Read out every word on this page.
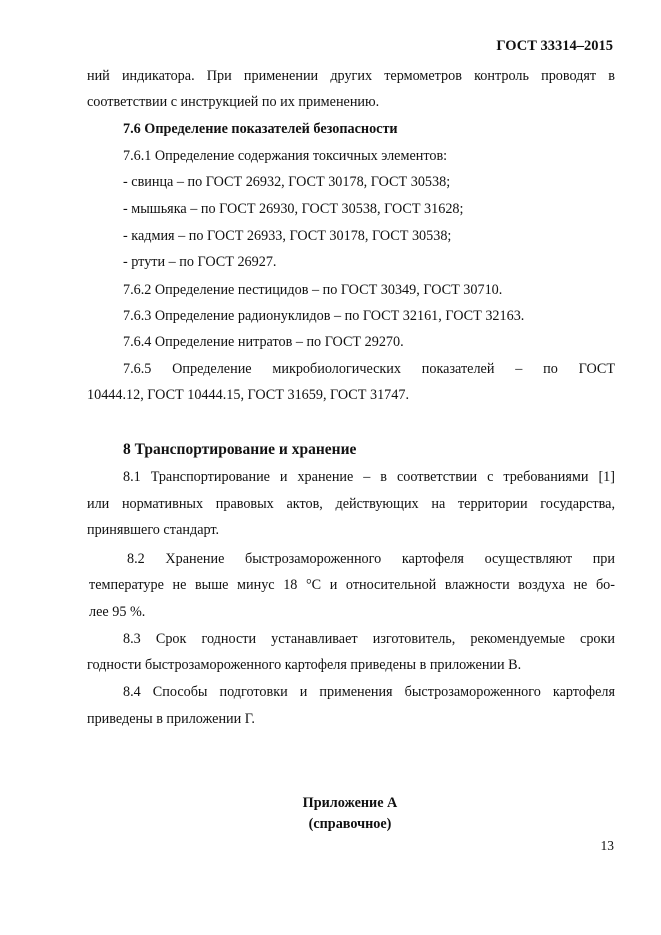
ГОСТ 33314–2015
ний индикатора. При применении других термометров контроль проводят в
соответствии с инструкцией по их применению.
7.6 Определение показателей безопасности
7.6.1 Определение содержания токсичных элементов:
- свинца – по ГОСТ 26932, ГОСТ 30178, ГОСТ 30538;
- мышьяка – по ГОСТ 26930, ГОСТ 30538, ГОСТ 31628;
- кадмия – по ГОСТ 26933, ГОСТ 30178, ГОСТ 30538;
- ртути – по ГОСТ 26927.
7.6.2 Определение пестицидов – по ГОСТ 30349, ГОСТ 30710.
7.6.3 Определение радионуклидов – по ГОСТ 32161, ГОСТ 32163.
7.6.4 Определение нитратов – по ГОСТ 29270.
7.6.5 Определение микробиологических показателей – по ГОСТ
10444.12, ГОСТ 10444.15, ГОСТ 31659, ГОСТ 31747.
8 Транспортирование и хранение
8.1 Транспортирование и хранение – в соответствии с требованиями [1]
или нормативных правовых актов, действующих на территории государства,
принявшего стандарт.
8.2 Хранение быстрозамороженного картофеля осуществляют при
температуре не выше минус 18 °С и относительной влажности воздуха не бо-
лее 95 %.
8.3 Срок годности устанавливает изготовитель, рекомендуемые сроки
годности быстрозамороженного картофеля приведены в приложении В.
8.4 Способы подготовки и применения быстрозамороженного картофеля
приведены в приложении Г.
Приложение А
(справочное)
13
